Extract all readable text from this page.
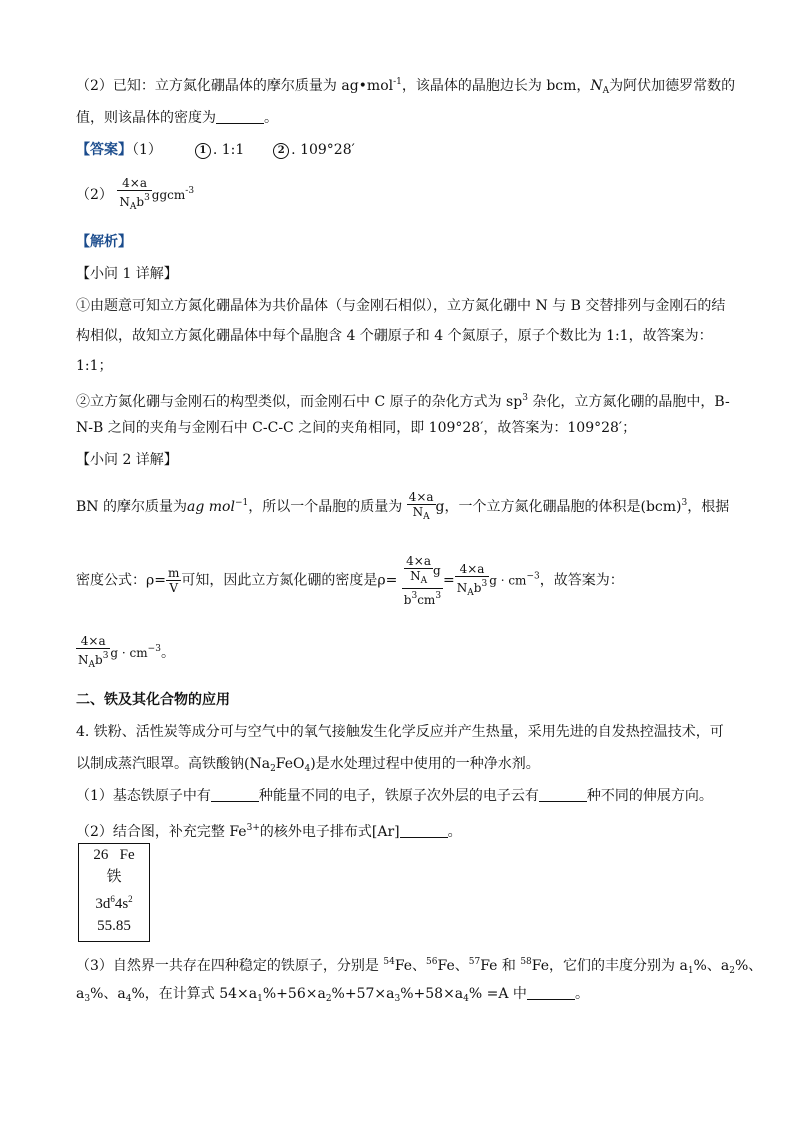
（2）已知：立方氮化硼晶体的摩尔质量为 ag•mol$^{-1}$，该晶体的晶胞边长为 bcm，$N_A$为阿伏加德罗常数的
值，则该晶体的密度为	。
【答案】（1）	1 . 1:1	2 . 109°28′
$(2) \frac{4\times a}{N_Ab^3}$ ggcm$^{-3}$
【解析】
【小问 1 详解】
①由题意可知立方氮化硼晶体为共价晶体（与金刚石相似），立方氮化硼中 N 与 B 交替排列与金刚石的结
构相似，故知立方氮化硼晶体中每个晶胞含 4 个硼原子和 4 个氮原子，原子个数比为 1:1，故答案为：
1:1；
②立方氮化硼与金刚石的构型类似，而金刚石中 C 原子的杂化方式为 $sp^3$ 杂化，立方氮化硼的晶胞中，B-
N-B 之间的夹角与金刚石中 C-C-C 之间的夹角相同，即 109°28′，故答案为：109°28′；
【小问 2 详解】
BN 的摩尔质量为ag mol$^{-1}$，所以一个晶胞的质量为 $\frac{4\times a}{N_A}$ g，一个立方氮化硼晶胞的体积是(bcm)$^3$，根据
密度公式：$\rho= \frac{m}{V}$ 可知，因此立方氮化硼的密度是$\rho= \frac{\frac{4\times a}{N_A} g}{b^3cm^3} = \frac{4\times a}{N_Ab^3}$ $g \cdot cm^{-3}$，故答案为：
$\frac{4\times a}{N_Ab^3}$ $g \cdot cm^{-3}$。
二、铁及其化合物的应用
4. 铁粉、活性炭等成分可与空气中的氧气接触发生化学反应并产生热量，采用先进的自发热控温技术，可
以制成蒸汽眼罩。高铁酸钠$(Na_2FeO_4)$是水处理过程中使用的一种净水剂。
（1）基态铁原子中有	种能量不同的电子，铁原子次外层的电子云有	种不同的伸展方向。
（2）结合图，补充完整 $Fe^{3+}$的核外电子排布式[Ar]	。
26 Fe
铁
$3d^64s^2$
55.85
（3）自然界一共存在四种稳定的铁原子，分别是 $^{54}$Fe、$^{56}$Fe、$^{57}$Fe 和 $^{58}$Fe，它们的丰度分别为 $a_1\%$、$a_2\%$、
$a_3\%$、$a_4\%$，在计算式 $54\times a_1\%+56\times a_2\%+57\times a_3\%+58\times a_4\% =A$ 中	。
